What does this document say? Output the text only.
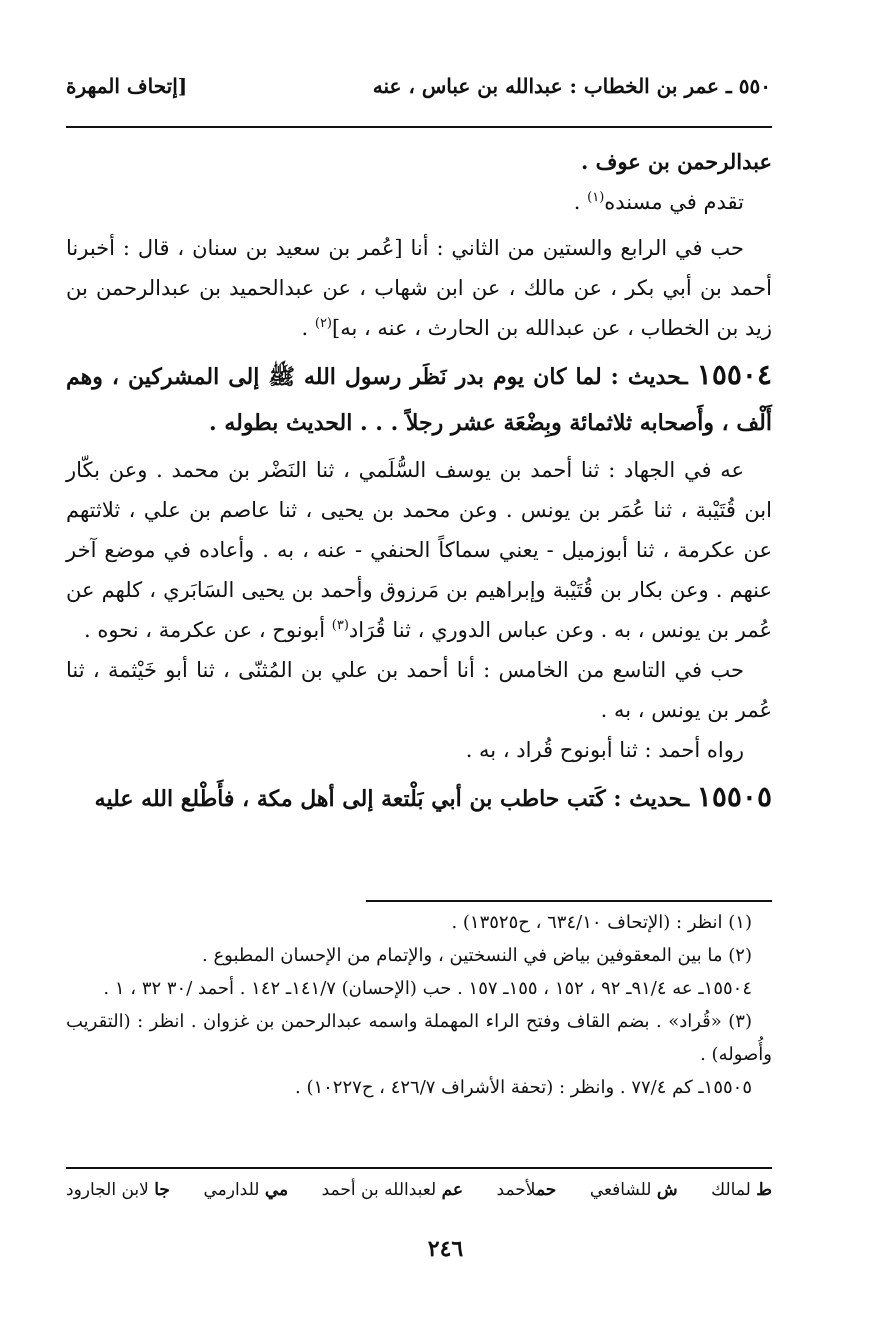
٥٥٠ ـ عمر بن الخطاب : عبدالله بن عباس ، عنه
[إتحاف المهرة

عبدالرحمن بن عوف .

تقدم في مسنده$^{(١)}$ .

حب في الرابع والستين من الثاني : أنا [عُمر بن سعيد بن سنان ، قال : أخبرنا أحمد بن أبي بكر ، عن مالك ، عن ابن شهاب ، عن عبدالحميد بن عبدالرحمن بن زيد بن الخطاب ، عن عبدالله بن الحارث ، عنه ، به]$^{(٢)}$ .

١٥٥٠٤ ـحديث : لما كان يوم بدر نَظَر رسول الله ﷺ إلى المشركين ، وهم أَلْف ، وأَصحابه ثلاثمائة وبِضْعَة عشر رجلاً . . . الحديث بطوله .

عه في الجهاد : ثنا أحمد بن يوسف السُّلَمي ، ثنا النَضْر بن محمد . وعن بكّار ابن قُتَيْبة ، ثنا عُمَر بن يونس . وعن محمد بن يحيى ، ثنا عاصم بن علي ، ثلاثتهم عن عكرمة ، ثنا أبوزميل - يعني سماكاً الحنفي - عنه ، به . وأعاده في موضع آخر عنهم . وعن بكار بن قُتَيْبة وإبراهيم بن مَرزوق وأحمد بن يحيى السَابَري ، كلهم عن عُمر بن يونس ، به . وعن عباس الدوري ، ثنا قُرَاد$^{(٣)}$ أبونوح ، عن عكرمة ، نحوه .

حب في التاسع من الخامس : أنا أحمد بن علي بن المُثنّى ، ثنا أبو خَيْثمة ، ثنا عُمر بن يونس ، به .

رواه أحمد : ثنا أبونوح قُراد ، به .

١٥٥٠٥ ـحديث : كَتب حاطب بن أبي بَلْتعة إلى أهل مكة ، فأَطْلع الله عليه

(١) انظر : (الإتحاف ٦٣٤/١٠ ، ح١٣٥٢٥) .

(٢) ما بين المعقوفين بياض في النسختين ، والإتمام من الإحسان المطبوع .

١٥٥٠٤ـ عه ٩١/٤ـ ٩٢ ، ١٥٢ ، ١٥٥ـ ١٥٧ . حب (الإحسان) ١٤١/٧ـ ١٤٢ . أحمد /٣٠ ٣٢ ، ١ .

(٣) «قُراد» . بضم القاف وفتح الراء المهملة واسمه عبدالرحمن بن غزوان . انظر : (التقريب وأُصوله) .

١٥٥٠٥ـ كم ٧٧/٤ . وانظر : (تحفة الأشراف ٤٢٦/٧ ، ح١٠٢٢٧) .

ط لمالك
ش للشافعي
حملأحمد
عم لعبدالله بن أحمد
مي للدارمي
جا لابن الجارود
٢٤٦
